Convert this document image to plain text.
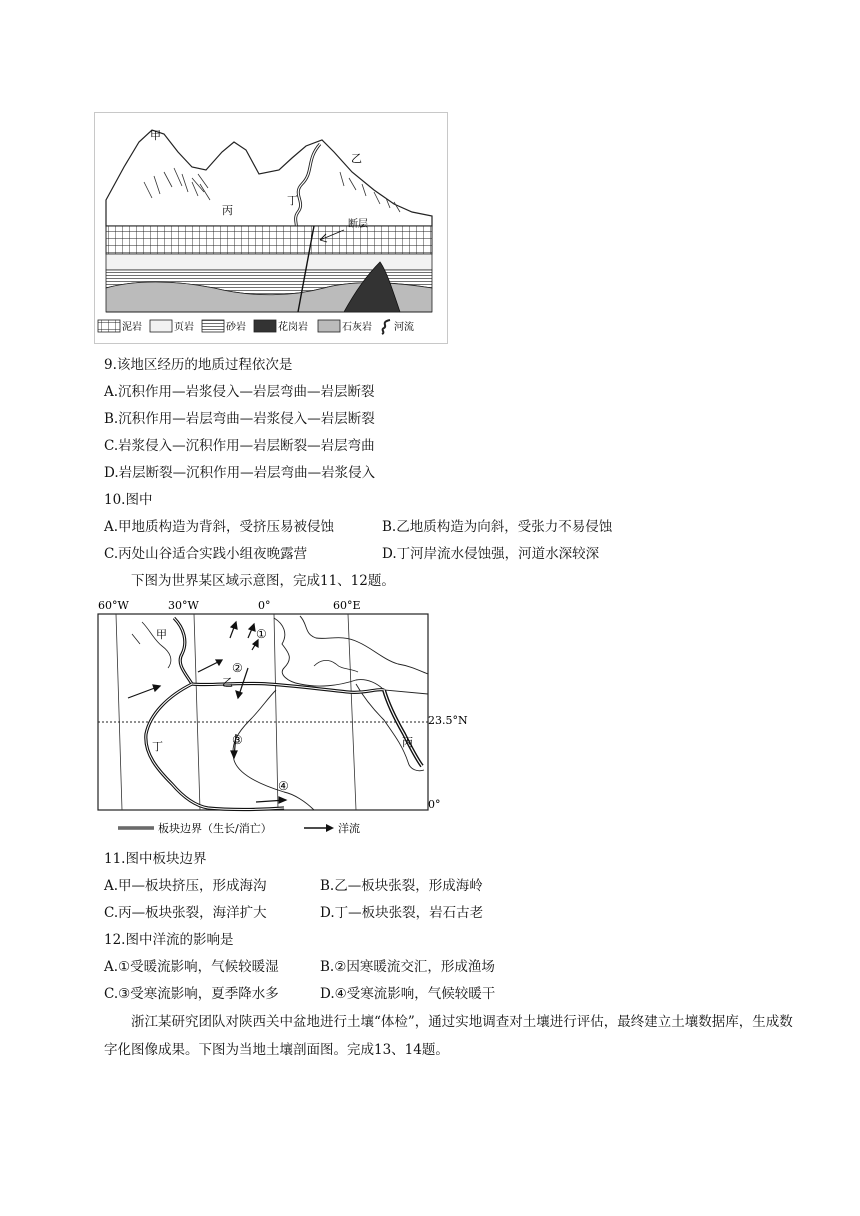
甲
乙
丙
丁
断层
泥岩	页岩	砂岩	花岗岩	石灰岩 河流
9.该地区经历的地质过程依次是
A.沉积作用—岩浆侵入—岩层弯曲—岩层断裂
B.沉积作用—岩层弯曲—岩浆侵入—岩层断裂
C.岩浆侵入—沉积作用—岩层断裂—岩层弯曲
D.岩层断裂—沉积作用—岩层弯曲—岩浆侵入
10.图中
A.甲地质构造为背斜，受挤压易被侵蚀	B.乙地质构造为向斜，受张力不易侵蚀
C.丙处山谷适合实践小组夜晚露营	D.丁河岸流水侵蚀强，河道水深较深
下图为世界某区域示意图，完成11、12题。
60°W	30°W	0°	60°E
23.5°N
0°
①
②
③
④
甲
乙
丙
丁
板块边界（生长/消亡）	洋流
11.图中板块边界
A.甲—板块挤压，形成海沟	B.乙—板块张裂，形成海岭
C.丙—板块张裂，海洋扩大	D.丁—板块张裂，岩石古老
12.图中洋流的影响是
A.①受暖流影响，气候较暖湿	B.②因寒暖流交汇，形成渔场
C.③受寒流影响，夏季降水多	D.④受寒流影响，气候较暖干
浙江某研究团队对陕西关中盆地进行土壤“体检”，通过实地调查对土壤进行评估，最终建立土壤数据库，生成数字化图像成果。下图为当地土壤剖面图。完成13、14题。
